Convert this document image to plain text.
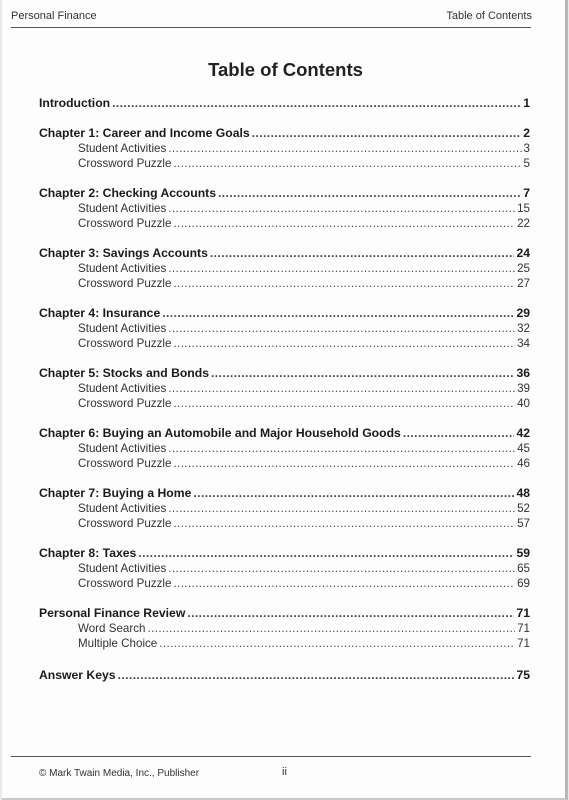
Personal Finance	Table of Contents
Table of Contents
Introduction .....	1
Chapter 1: Career and Income Goals .....	2
Student Activities .....	3
Crossword Puzzle .....	5
Chapter 2: Checking Accounts .....	7
Student Activities .....	15
Crossword Puzzle .....	22
Chapter 3: Savings Accounts .....	24
Student Activities .....	25
Crossword Puzzle .....	27
Chapter 4: Insurance .....	29
Student Activities .....	32
Crossword Puzzle .....	34
Chapter 5: Stocks and Bonds .....	36
Student Activities .....	39
Crossword Puzzle .....	40
Chapter 6: Buying an Automobile and Major Household Goods .....	42
Student Activities .....	45
Crossword Puzzle .....	46
Chapter 7: Buying a Home .....	48
Student Activities .....	52
Crossword Puzzle .....	57
Chapter 8: Taxes .....	59
Student Activities .....	65
Crossword Puzzle .....	69
Personal Finance Review .....	71
Word Search .....	71
Multiple Choice .....	71
Answer Keys .....	75
© Mark Twain Media, Inc., Publisher	ii
